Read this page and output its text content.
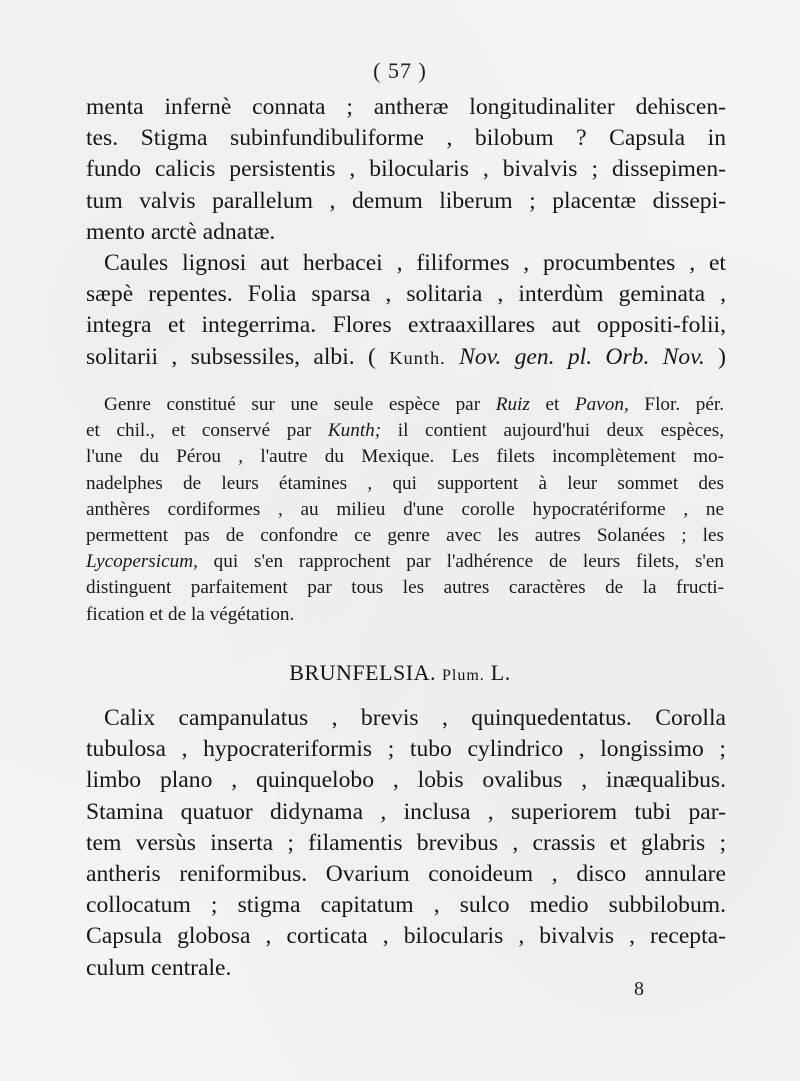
( 57 )
menta infernè connata ; antheræ longitudinaliter dehiscen-
tes. Stigma subinfundibuliforme , bilobum ? Capsula in
fundo calicis persistentis , bilocularis , bivalvis ; dissepimen-
tum valvis parallelum , demum liberum ; placentæ dissepi-
mento arctè adnatæ.
Caules lignosi aut herbacei , filiformes , procumbentes , et
sæpè repentes. Folia sparsa , solitaria , interdùm geminata ,
integra et integerrima. Flores extraaxillares aut oppositi-folii,
solitarii , subsessiles, albi. ( Kunth. Nov. gen. pl. Orb. Nov. )
Genre constitué sur une seule espèce par Ruiz et Pavon, Flor. pér.
et chil., et conservé par Kunth; il contient aujourd'hui deux espèces,
l'une du Pérou , l'autre du Mexique. Les filets incomplètement mo-
nadelphes de leurs étamines , qui supportent à leur sommet des
anthères cordiformes , au milieu d'une corolle hypocratériforme , ne
permettent pas de confondre ce genre avec les autres Solanées ; les
Lycopersicum, qui s'en rapprochent par l'adhérence de leurs filets, s'en
distinguent parfaitement par tous les autres caractères de la fructi-
fication et de la végétation.
BRUNFELSIA. Plum. L.
Calix campanulatus , brevis , quinquedentatus. Corolla
tubulosa , hypocrateriformis ; tubo cylindrico , longissimo ;
limbo plano , quinquelobo , lobis ovalibus , inæqualibus.
Stamina quatuor didynama , inclusa , superiorem tubi par-
tem versùs inserta ; filamentis brevibus , crassis et glabris ;
antheris reniformibus. Ovarium conoideum , disco annulare
collocatum ; stigma capitatum , sulco medio subbilobum.
Capsula globosa , corticata , bilocularis , bivalvis , recepta-
culum centrale.
8
